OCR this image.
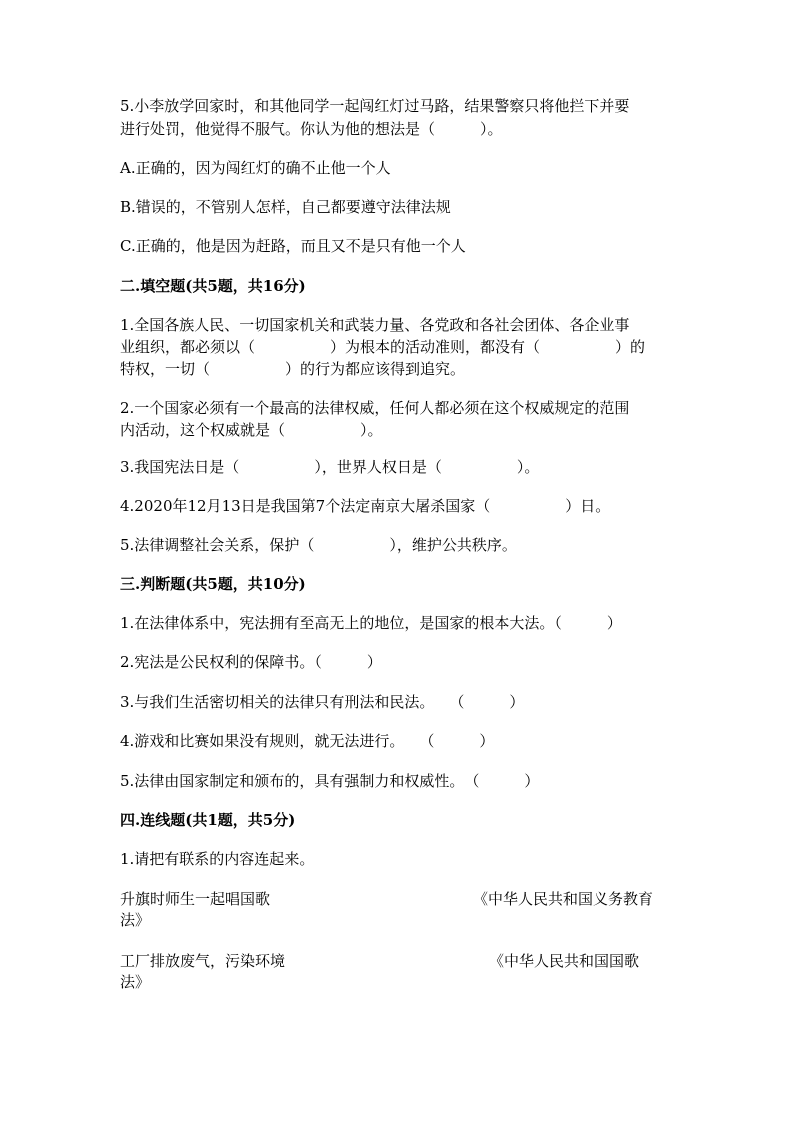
5.小李放学回家时，和其他同学一起闯红灯过马路，结果警察只将他拦下并要
进行处罚，他觉得不服气。你认为他的想法是（　　　）。
A.正确的，因为闯红灯的确不止他一个人
B.错误的，不管别人怎样，自己都要遵守法律法规
C.正确的，他是因为赶路，而且又不是只有他一个人
二.填空题(共5题，共16分)
1.全国各族人民、一切国家机关和武装力量、各党政和各社会团体、各企业事
业组织，都必须以（　　　　　）为根本的活动准则，都没有（　　　　　）的
特权，一切（　　　　　）的行为都应该得到追究。
2.一个国家必须有一个最高的法律权威，任何人都必须在这个权威规定的范围
内活动，这个权威就是（　　　　　）。
3.我国宪法日是（　　　　　），世界人权日是（　　　　　）。
4.2020年12月13日是我国第7个法定南京大屠杀国家（　　　　　）日。
5.法律调整社会关系，保护（　　　　　），维护公共秩序。
三.判断题(共5题，共10分)
1.在法律体系中，宪法拥有至高无上的地位，是国家的根本大法。（　　　）
2.宪法是公民权利的保障书。（　　　）
3.与我们生活密切相关的法律只有刑法和民法。　　（　　　）
4.游戏和比赛如果没有规则，就无法进行。　　（　　　）
5.法律由国家制定和颁布的，具有强制力和权威性。　（　　　）
四.连线题(共1题，共5分)
1.请把有联系的内容连起来。
升旗时师生一起唱国歌	《中华人民共和国义务教育
法》
工厂排放废气，污染环境	《中华人民共和国国歌
法》
